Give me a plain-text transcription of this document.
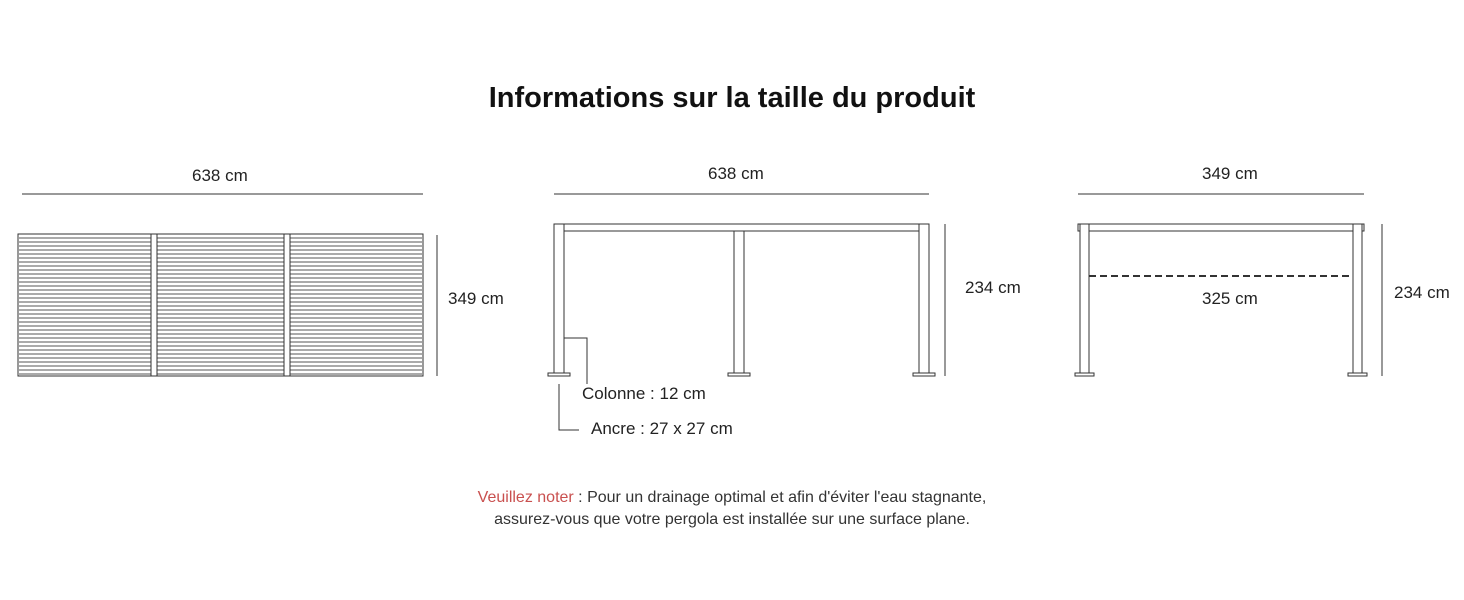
Informations sur la taille du produit
638 cm
349 cm
638 cm
234 cm
Colonne : 12 cm
Ancre : 27 x 27 cm
349 cm
325 cm	234 cm
Veuillez noter : Pour un drainage optimal et afin d'éviter l'eau stagnante,
assurez-vous que votre pergola est installée sur une surface plane.
